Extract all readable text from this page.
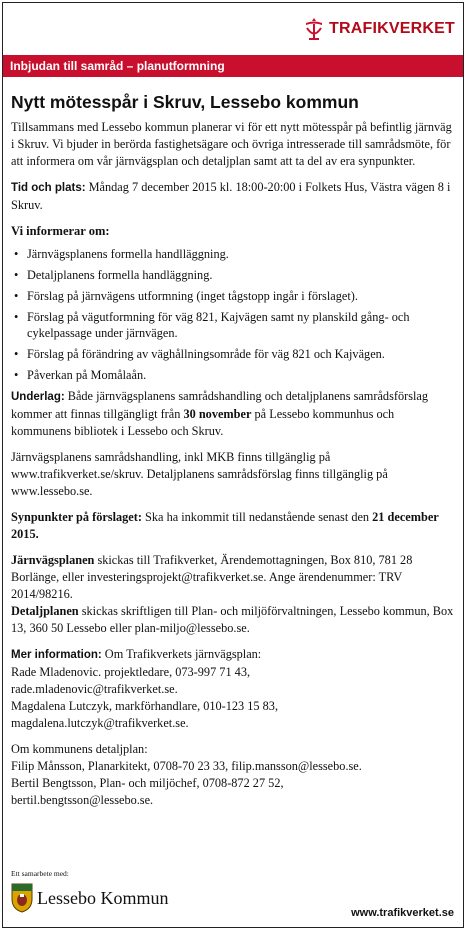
TRAFIKVERKET
Inbjudan till samråd – planutformning
Nytt mötesspår i Skruv, Lessebo kommun

Tillsammans med Lessebo kommun planerar vi för ett nytt mötesspår på befintlig järnväg i Skruv. Vi bjuder in berörda fastighetsägare och övriga intresserade till samrådsmöte, för att informera om vår järnvägsplan och detaljplan samt att ta del av era synpunkter.

Tid och plats: Måndag 7 december 2015 kl. 18:00-20:00 i Folkets Hus, Västra vägen 8 i Skruv.

Vi informerar om:
• Järnvägsplanens formella handlläggning.
• Detaljplanens formella handläggning.
• Förslag på järnvägens utformning (inget tågstopp ingår i förslaget).
• Förslag på vägutformning för väg 821, Kajvägen samt ny planskild gång- och cykelpassage under järnvägen.
• Förslag på förändring av väghållningsområde för väg 821 och Kajvägen.
• Påverkan på Momålaån.

Underlag: Både järnvägsplanens samrådshandling och detaljplanens samrådsförslag kommer att finnas tillgängligt från 30 november på Lessebo kommunhus och kommunens bibliotek i Lessebo och Skruv.

Järnvägsplanens samrådshandling, inkl MKB finns tillgänglig på www.trafikverket.se/skruv. Detaljplanens samrådsförslag finns tillgänglig på www.lessebo.se.

Synpunkter på förslaget: Ska ha inkommit till nedanstående senast den 21 december 2015.

Järnvägsplanen skickas till Trafikverket, Ärendemottagningen, Box 810, 781 28 Borlänge, eller investeringsprojekt@trafikverket.se. Ange ärendenummer: TRV 2014/98216.

Detaljplanen skickas skriftligen till Plan- och miljöförvaltningen, Lessebo kommun, Box 13, 360 50 Lessebo eller plan-miljo@lessebo.se.

Mer information: Om Trafikverkets järnvägsplan:
Rade Mladenovic. projektledare, 073-997 71 43,
rade.mladenovic@trafikverket.se.
Magdalena Lutczyk, markförhandlare, 010-123 15 83,
magdalena.lutczyk@trafikverket.se.

Om kommunens detaljplan:
Filip Månsson, Planarkitekt, 0708-70 23 33, filip.mansson@lessebo.se.
Bertil Bengtsson, Plan- och miljöchef, 0708-872 27 52,
bertil.bengtsson@lessebo.se.

Ett samarbete med:
Lessebo Kommun
www.trafikverket.se
